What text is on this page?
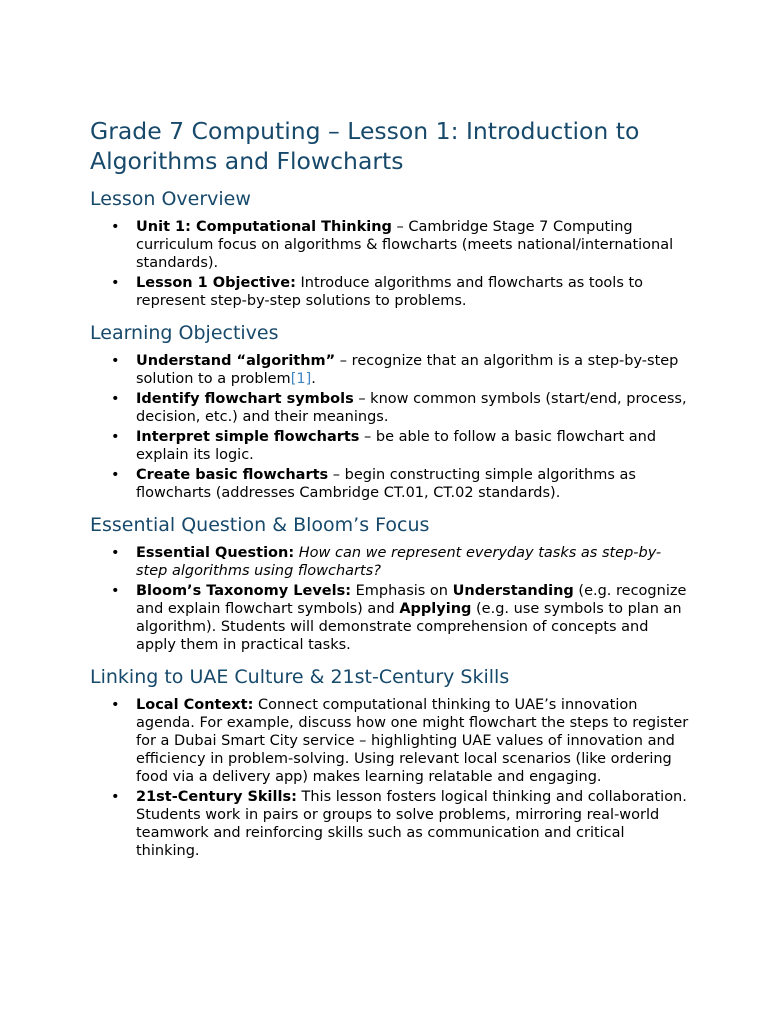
Grade 7 Computing – Lesson 1: Introduction to Algorithms and Flowcharts
Lesson Overview
• Unit 1: Computational Thinking – Cambridge Stage 7 Computing curriculum focus on algorithms & flowcharts (meets national/international standards).
• Lesson 1 Objective: Introduce algorithms and flowcharts as tools to represent step-by-step solutions to problems.
Learning Objectives
• Understand “algorithm” – recognize that an algorithm is a step-by-step solution to a problem[1].
• Identify flowchart symbols – know common symbols (start/end, process, decision, etc.) and their meanings.
• Interpret simple flowcharts – be able to follow a basic flowchart and explain its logic.
• Create basic flowcharts – begin constructing simple algorithms as flowcharts (addresses Cambridge CT.01, CT.02 standards).
Essential Question & Bloom’s Focus
• Essential Question: How can we represent everyday tasks as step-by-step algorithms using flowcharts?
• Bloom’s Taxonomy Levels: Emphasis on Understanding (e.g. recognize and explain flowchart symbols) and Applying (e.g. use symbols to plan an algorithm). Students will demonstrate comprehension of concepts and apply them in practical tasks.
Linking to UAE Culture & 21st-Century Skills
• Local Context: Connect computational thinking to UAE’s innovation agenda. For example, discuss how one might flowchart the steps to register for a Dubai Smart City service – highlighting UAE values of innovation and efficiency in problem-solving. Using relevant local scenarios (like ordering food via a delivery app) makes learning relatable and engaging.
• 21st-Century Skills: This lesson fosters logical thinking and collaboration. Students work in pairs or groups to solve problems, mirroring real-world teamwork and reinforcing skills such as communication and critical thinking.
